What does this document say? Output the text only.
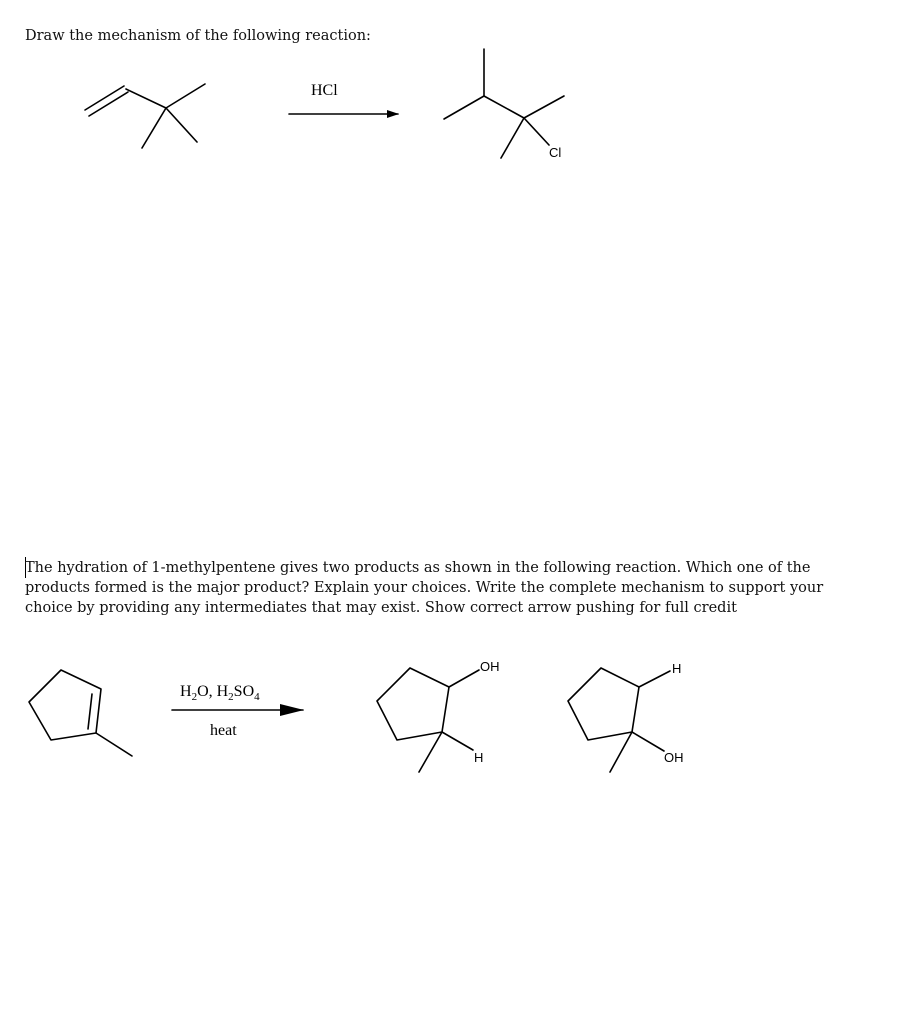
Draw the mechanism of the following reaction:

The hydration of 1-methylpentene gives two products as shown in the following reaction. Which one of the
products formed is the major product? Explain your choices. Write the complete mechanism to support your
choice by providing any intermediates that may exist. Show correct arrow pushing for full credit

HCl
Cl
$H_2O$, $H_2SO_4$
heat
OH
H
H
OH
